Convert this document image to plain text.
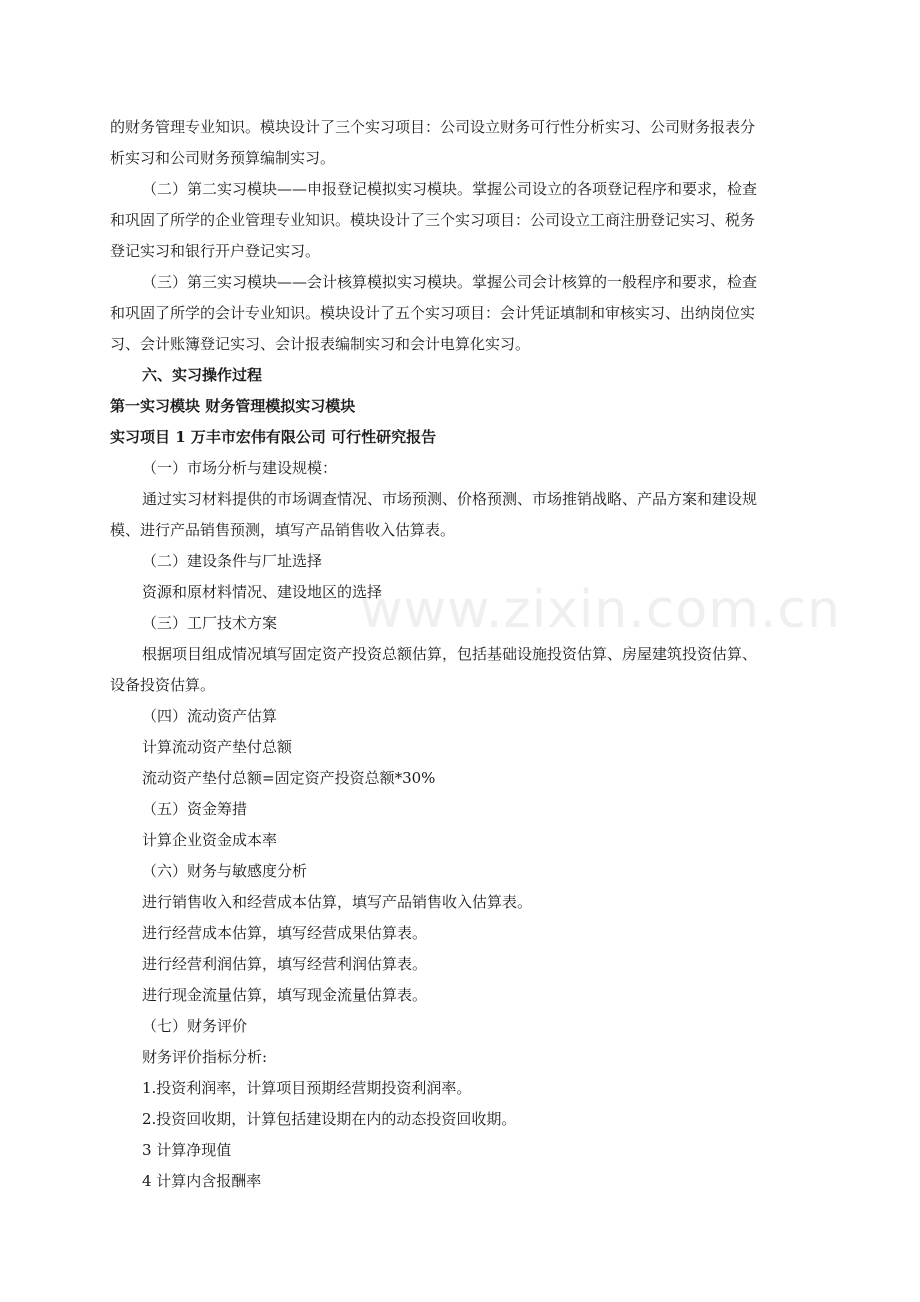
www.zixin.com.cn

的财务管理专业知识。模块设计了三个实习项目：公司设立财务可行性分析实习、公司财务报表分

析实习和公司财务预算编制实习。

（二）第二实习模块——申报登记模拟实习模块。掌握公司设立的各项登记程序和要求，检查

和巩固了所学的企业管理专业知识。模块设计了三个实习项目：公司设立工商注册登记实习、税务

登记实习和银行开户登记实习。

（三）第三实习模块——会计核算模拟实习模块。掌握公司会计核算的一般程序和要求，检查

和巩固了所学的会计专业知识。模块设计了五个实习项目：会计凭证填制和审核实习、出纳岗位实

习、会计账簿登记实习、会计报表编制实习和会计电算化实习。

六、实习操作过程

第一实习模块 财务管理模拟实习模块

实习项目 1 万丰市宏伟有限公司 可行性研究报告

（一）市场分析与建设规模：

通过实习材料提供的市场调查情况、市场预测、价格预测、市场推销战略、产品方案和建设规

模、进行产品销售预测，填写产品销售收入估算表。

（二）建设条件与厂址选择

资源和原材料情况、建设地区的选择

（三）工厂技术方案

根据项目组成情况填写固定资产投资总额估算，包括基础设施投资估算、房屋建筑投资估算、

设备投资估算。

（四）流动资产估算

计算流动资产垫付总额

流动资产垫付总额=固定资产投资总额*30%

（五）资金筹措

计算企业资金成本率

（六）财务与敏感度分析

进行销售收入和经营成本估算，填写产品销售收入估算表。

进行经营成本估算，填写经营成果估算表。

进行经营利润估算，填写经营利润估算表。

进行现金流量估算，填写现金流量估算表。

（七）财务评价

财务评价指标分析:

1.投资利润率，计算项目预期经营期投资利润率。

2.投资回收期，计算包括建设期在内的动态投资回收期。

3 计算净现值

4 计算内含报酬率
